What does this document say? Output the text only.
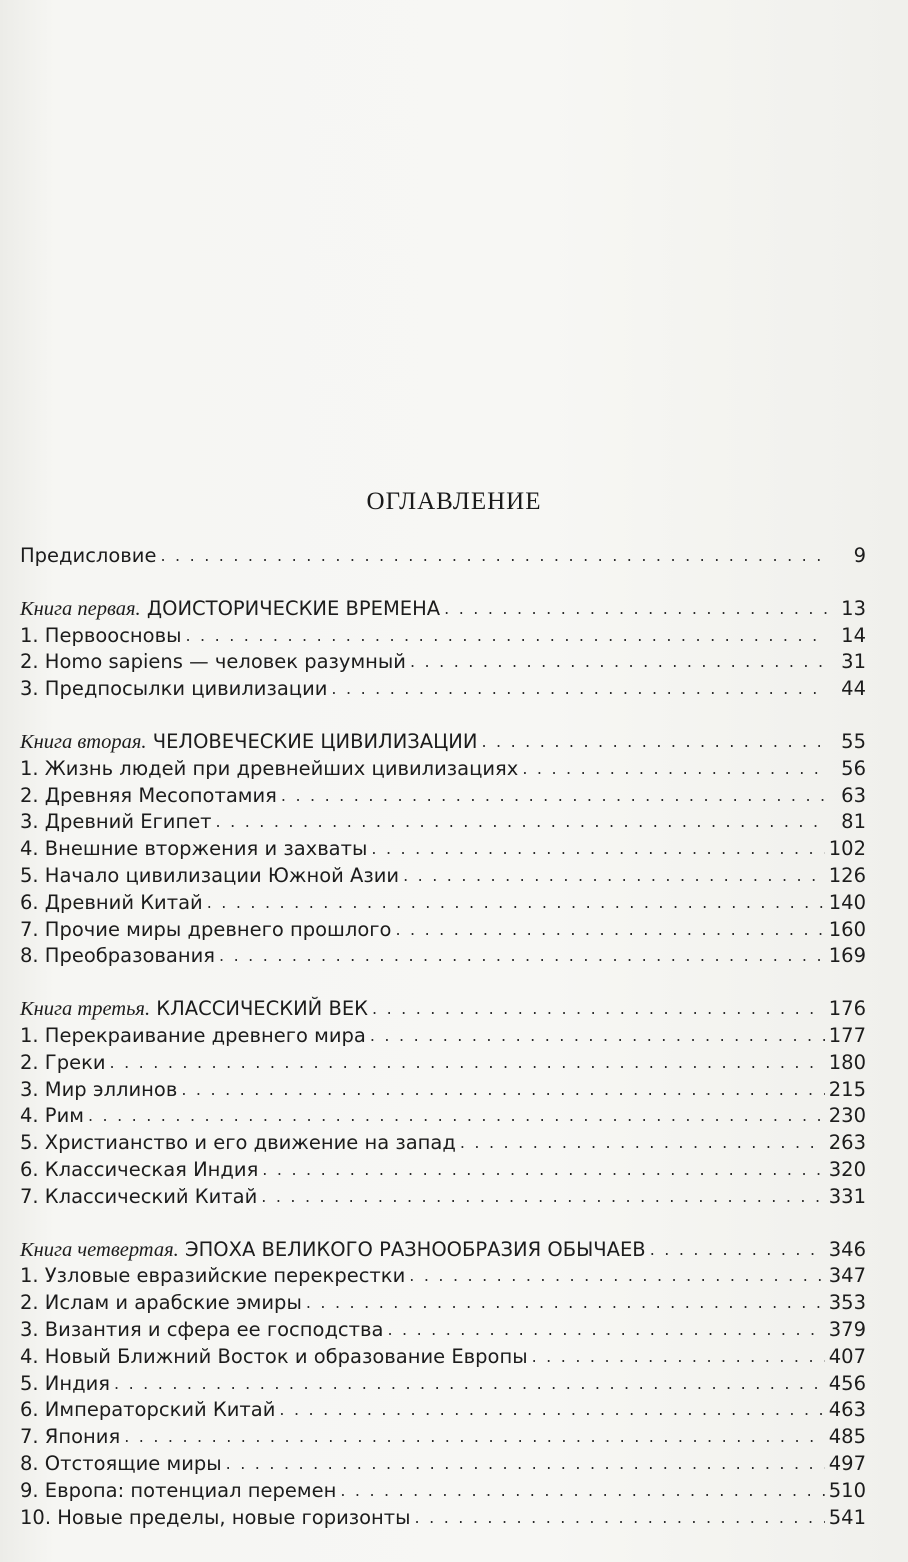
ОГЛАВЛЕНИЕ
Предисловие . . .	9
Книга первая. ДОИСТОРИЧЕСКИЕ ВРЕМЕНА . . .	13
1. Первоосновы . . .	14
2. Homo sapiens — человек разумный . . .	31
3. Предпосылки цивилизации . . .	44
Книга вторая. ЧЕЛОВЕЧЕСКИЕ ЦИВИЛИЗАЦИИ . . .	55
1. Жизнь людей при древнейших цивилизациях . . .	56
2. Древняя Месопотамия . . .	63
3. Древний Египет . . .	81
4. Внешние вторжения и захваты . . .	102
5. Начало цивилизации Южной Азии . . .	126
6. Древний Китай . . .	140
7. Прочие миры древнего прошлого . . .	160
8. Преобразования . . .	169
Книга третья. КЛАССИЧЕСКИЙ ВЕК . . .	176
1. Перекраивание древнего мира . . .	177
2. Греки . . .	180
3. Мир эллинов . . .	215
4. Рим . . .	230
5. Христианство и его движение на запад . . .	263
6. Классическая Индия . . .	320
7. Классический Китай . . .	331
Книга четвертая. ЭПОХА ВЕЛИКОГО РАЗНООБРАЗИЯ ОБЫЧАЕВ . . .	346
1. Узловые евразийские перекрестки . . .	347
2. Ислам и арабские эмиры . . .	353
3. Византия и сфера ее господства . . .	379
4. Новый Ближний Восток и образование Европы . . .	407
5. Индия . . .	456
6. Императорский Китай . . .	463
7. Япония . . .	485
8. Отстоящие миры . . .	497
9. Европа: потенциал перемен . . .	510
10. Новые пределы, новые горизонты . . .	541
